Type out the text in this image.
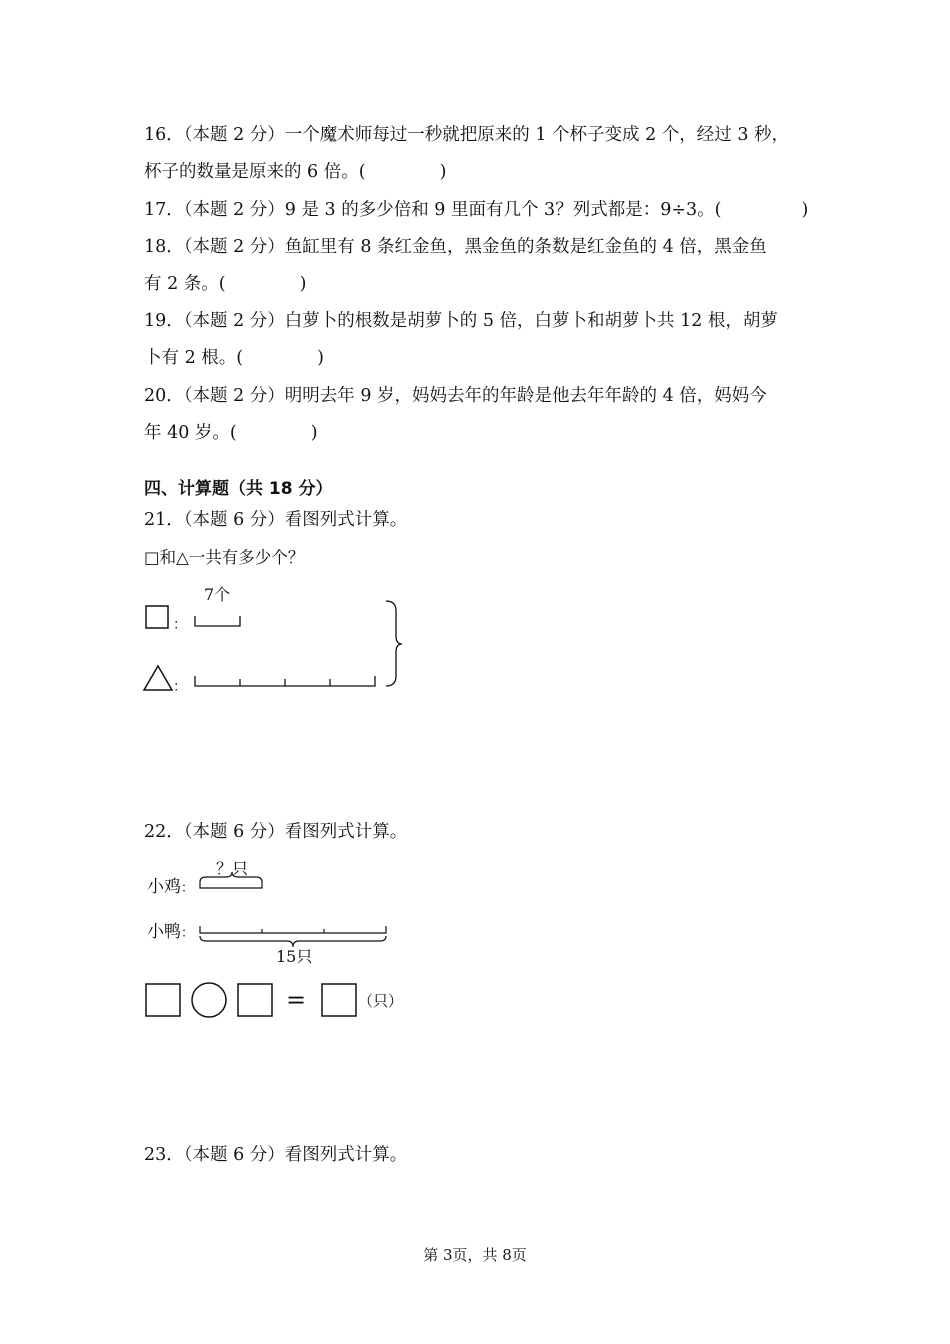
16．（本题 2 分）一个魔术师每过一秒就把原来的 1 个杯子变成 2 个，经过 3 秒，
杯子的数量是原来的 6 倍。(	)
17．（本题 2 分）9 是 3 的多少倍和 9 里面有几个 3？列式都是：9÷3。(	)
18．（本题 2 分）鱼缸里有 8 条红金鱼，黑金鱼的条数是红金鱼的 4 倍，黑金鱼
有 2 条。(	)
19．（本题 2 分）白萝卜的根数是胡萝卜的 5 倍，白萝卜和胡萝卜共 12 根，胡萝
卜有 2 根。(	)
20．（本题 2 分）明明去年 9 岁，妈妈去年的年龄是他去年年龄的 4 倍，妈妈今
年 40 岁。(	)
四、计算题（共 18 分）
21．（本题 6 分）看图列式计算。
□和△一共有多少个？
7个
：
：
22．（本题 6 分）看图列式计算。
？只
小鸡：
小鸭：
15只
=	（只）
23．（本题 6 分）看图列式计算。
第 3页，共 8页
